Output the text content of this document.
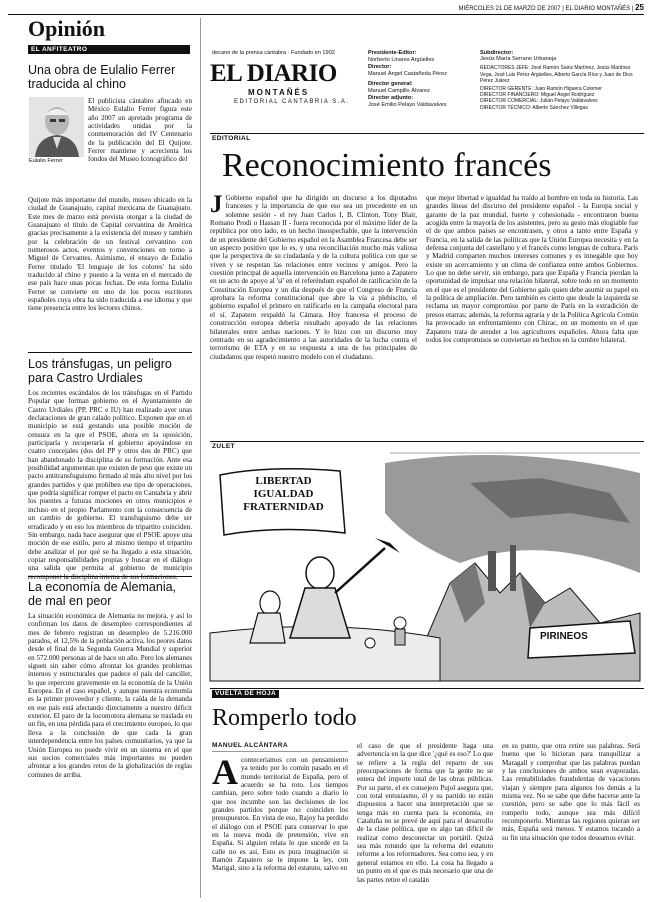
MIÉRCOLES 21 DE MARZO DE 2007 | EL DIARIO MONTAÑÉS | 25
Opinión
EL ANFITEATRO
Una obra de Eulalio Ferrer traducida al chino
Eulalio Ferrer

El publicista cántabro afincado en México Eulalio Ferrer figura este año 2007 un apretado programa de actividades unidas por la conmemoración del IV Centenario de la publicación del El Quijote. Ferrer mantiene y acrecienta los fondos del Museo Iconográfico del

Quijote más importante del mundo, museo ubicado en la ciudad de Guanajuato, capital mexicana de Guanajuato. Este mes de marzo está prevista otorgar a la ciudad de Guanajuato el título de Capital cervantina de América gracias precisamente a la existencia del museo y también por la celebración de un festival cervantino con numerosos actos, eventos y convenciones en torno a Miguel de Cervantes. Asimismo, el ensayo de Eulalio Ferrer titulado 'El lenguaje de los colores' ha sido traducido al chino y puesto a la venta en el mercado de ese país hace unas pocas fechas. De esta forma Eulalio Ferrer se convierte en uno de los pocos escritores españoles cuya obra ha sido traducida a ese idioma y que tiene presencia entre los lectores chinos.

Los tránsfugas, un peligro para Castro Urdiales

Los recientes escándalos de los tránsfugas en el Partido Popular que forman gobierno en el Ayuntamiento de Castro Urdiales (PP, PRC e IU) han realizado ayer unas declaraciones de gran calado político. Exponen que en el municipio se está gestando una posible moción de censura en la que el PSOE, ahora en la oposición, participaría y recuperaría el gobierno apoyándose en cuatro concejales (dos del PP y otros dos de PRC) que han abandonado la disciplina de su formación. Ante esa posibilidad argumentan que existen de peso que existe un pacto antitransfuguismo firmado al más alto nivel por los grandes partidos y que prohíben ese tipo de operaciones, que podría significar romper el pacto en Cantabria y abrir los puentes a futuras mociones en otros municipios e incluso en el propio Parlamento con la consecuencia de un cambio de gobierno. El transfuguismo debe ser erradicado y en eso los miembros de tripartito coinciden. Sin embargo, nada hace asegurar que el PSOE apoye una moción de ese estilo, pero al mismo tiempo el tripartito debe analizar el por qué se ha llegado a esta situación, copiar responsabilidades propias y buscar en el diálogo una salida que permita al gobierno de municipio

La economía de Alemania, de mal en peor

La situación económica de Alemania no mejora, y así lo confirman los datos de desempleo correspondientes al mes de febrero registran un desempleo de 5.216.000 parados, el 12,5% de la población activa, los peores datos desde el final de la Segunda Guerra Mundial y superior en 572.000 personas al de hace un año. Pero los alemanes siguen sin saber cómo afrontar los grandes problemas internos y estructurales que padece el país del canciller, lo que repercute gravemente en la economía de la Unión Europea. En el caso español, y aunque nuestra economía es la primer proveedor y cliente, la caída de la demanda en ese país está afectando directamente a nuestro déficit exterior. El paro de la locomotora alemana se traslada en un fin, en una pérdida para el crecimiento europeo, lo que lleva a la conclusión de que cada la gran interdependencia entre los países comunitarios, ya que la Unión Europea no puede vivir en un sistema en el que sus socios comerciales más importantes no pueden afrontar a los grandes retos de la globalización de reglas comunes de arriba.

decano de la prensa cántabra · Fundado en 1902
EL DIARIO
MONTAÑÉS
EDITORIAL CANTABRIA S.A.
Presidente-Editor:
Norberto Linares Argüelles
Director:
Manuel Ángel Castañeda Pérez
Director general:
Manuel Campillo Álvarez
Director adjunto:
José Emilio Pelayo Valdavalves
Subdirector:
Jesús María Serrano Urbaneja
REDACTORES JEFE: José Ramón Sainz Martínez, Jesús Martínez Vega, José Luis Pérez Argüelles, Alberto García Ríos y Juan de Dios Pérez Juárez
DIRECTOR GERENTE: Juan Ramón Higuera Colomer
DIRECTOR FINANCIERO: Miguel Ángel Rodríguez
DIRECTOR COMERCIAL: Julián Pelayo Valdavalves
DIRECTOR TÉCNICO: Alberto Sánchez Villegas
EDITORIAL
Reconocimiento francés

J Gobierno español que ha dirigido un discurso a los diputados franceses y la importancia de que eso sea un precedente en un solemne sesión - el rey Juan Carlos I, B. Clinton, Tony Blair, Romano Prodi o Hassan II - fuera reconocida por el máximo líder de la república por otro lado, es un hecho insospechable, que la intervención de un presidente del Gobierno español en la Asamblea Francesa debe ser un aspecto positivo que lo es, y una reconciliación mucho más valiosa que la perspectiva de su ciudadanía y de la cultura política con que se viven y se respetan las relaciones entre vecinos y amigos. Pero la cuestión principal de aquella intervención en Barcelona junto a Zapatero en un acto de apoyo al 'sí' en el referéndum español de ratificación de la Constitución Europea y un día después de que el Congreso de Francia aprobara la reforma constitucional que abre la vía a plebiscito, el gobierno español el primero en ratificarlo en la campaña electoral para el sí. Zapatero respaldó la Cámara. Hoy francesa el proceso de construcción europea debería resultado apoyado de las relaciones bilaterales entre ambas naciones. Y lo hizo con un discurso muy centrado en su agradecimiento a las autoridades de la lucha contra el terrorismo de ETA y en su respuesta a una de los principales de ciudadanos que respetó nuestro modelo con el ciudadano.

que mejor libertad e igualdad ha traído al hombre en toda su historia. Las grandes líneas del discurso del presidente español - la Europa social y garante de la paz mundial, fuerte y cohesionada - encontraron buena acogida entre la mayoría de los asistentes, pero su gesto más elogiable fue el de que ambos países se encontrasen, y otros a tanto entre España y Francia, en la salida de las políticas que la Unión Europea necesita y en la defensa conjunta del castellano y el francés como lenguas de cultura. París y Madrid comparten muchos intereses comunes y es innegable que hoy existe un acercamiento y un clima de confianza entre ambos Gobiernos. Lo que no debe servir, sin embargo, para que España y Francia pierdan la oportunidad de impulsar una relación bilateral, sobre todo en un momento en el que es el presidente del Gobierno galo quien debe asumir su papel en la política de ampliación. Pero también es cierto que desde la izquierda se reclama un mayor compromiso por parte de París en la extradición de presos etarras; además, la reforma agraria y de la Política Agrícola Común ha provocado un enfrentamiento con Chirac, en un momento en el que Zapatero trata de atender a los agricultores españoles. Ahora falta que todos los compromisos se conviertan en hechos en la cumbre bilateral.

ZULET
LIBERTAD IGUALDAD FRATERNIDAD
PIRINEOS
VUELTA DE HOJA
Romperlo todo
MANUEL ALCÁNTARA

Aconteceriamos con un pensamiento ya tenido por lo común pasado en el mundo territorial de España, pero el acuerdo se ha roto. Los tiempos cambian, pero sobre todo cuando a diario lo que nos incumbe son las decisiones de los grandes partidos porque no coinciden los presupuestos. En vista de eso, Rajoy ha perdido el diálogo con el PSOE para conservar lo que en la nueva moda de pretensión, vive en España. Si alguien relata lo que sucede en la calle no es así, Esto es pura imaginación si Ramón Zapatero se le impone la ley, con Marigal, sino a la reforma del estatuto, salvo en

el caso de que el presidente haga una advertencia en la que dice '¿qué es eso?' Lo que se refiere a la regla del reparto de sus preocupaciones de forma que la gente no se entera del importe total de las obras públicas. Por su parte, el ex consejero Pujol asegura que, con total entusiasmo, él y su partido no están dispuestos a hacer una interpretación que se tenga más en cuenta para la economía, en Cataluña no se prevé de aquí para el desarrollo de la clase política, que es algo tan difícil de realizar como desconectar un portátil. Quizá sea más rotundo que la reforma del estatuto reforme a los reformadores. Sea como sea, y en general estamos en ello. La cosa ha llegado a un punto en el que es más necesario que una de las partes retire el catalán

en su punto, que otra retire sus palabras. Será bueno que lo hicieran para tranquilizar a Maragall y comprobar que las palabras puedan y las conclusiones de ambos sean evaporadas. Las rentabilidades fraudulentas de vacaciones viajan y siempre para algunos los demás a la misma vez. No se sabe que debe hacerse ante la cuestión, pero se sabe que lo más fácil es romperlo todo, aunque sea más difícil recomponerlo. Mientras las regiones quieran ser más, España será menos. Y estamos tocando a su fin una situación que todos deseamos evitar.
